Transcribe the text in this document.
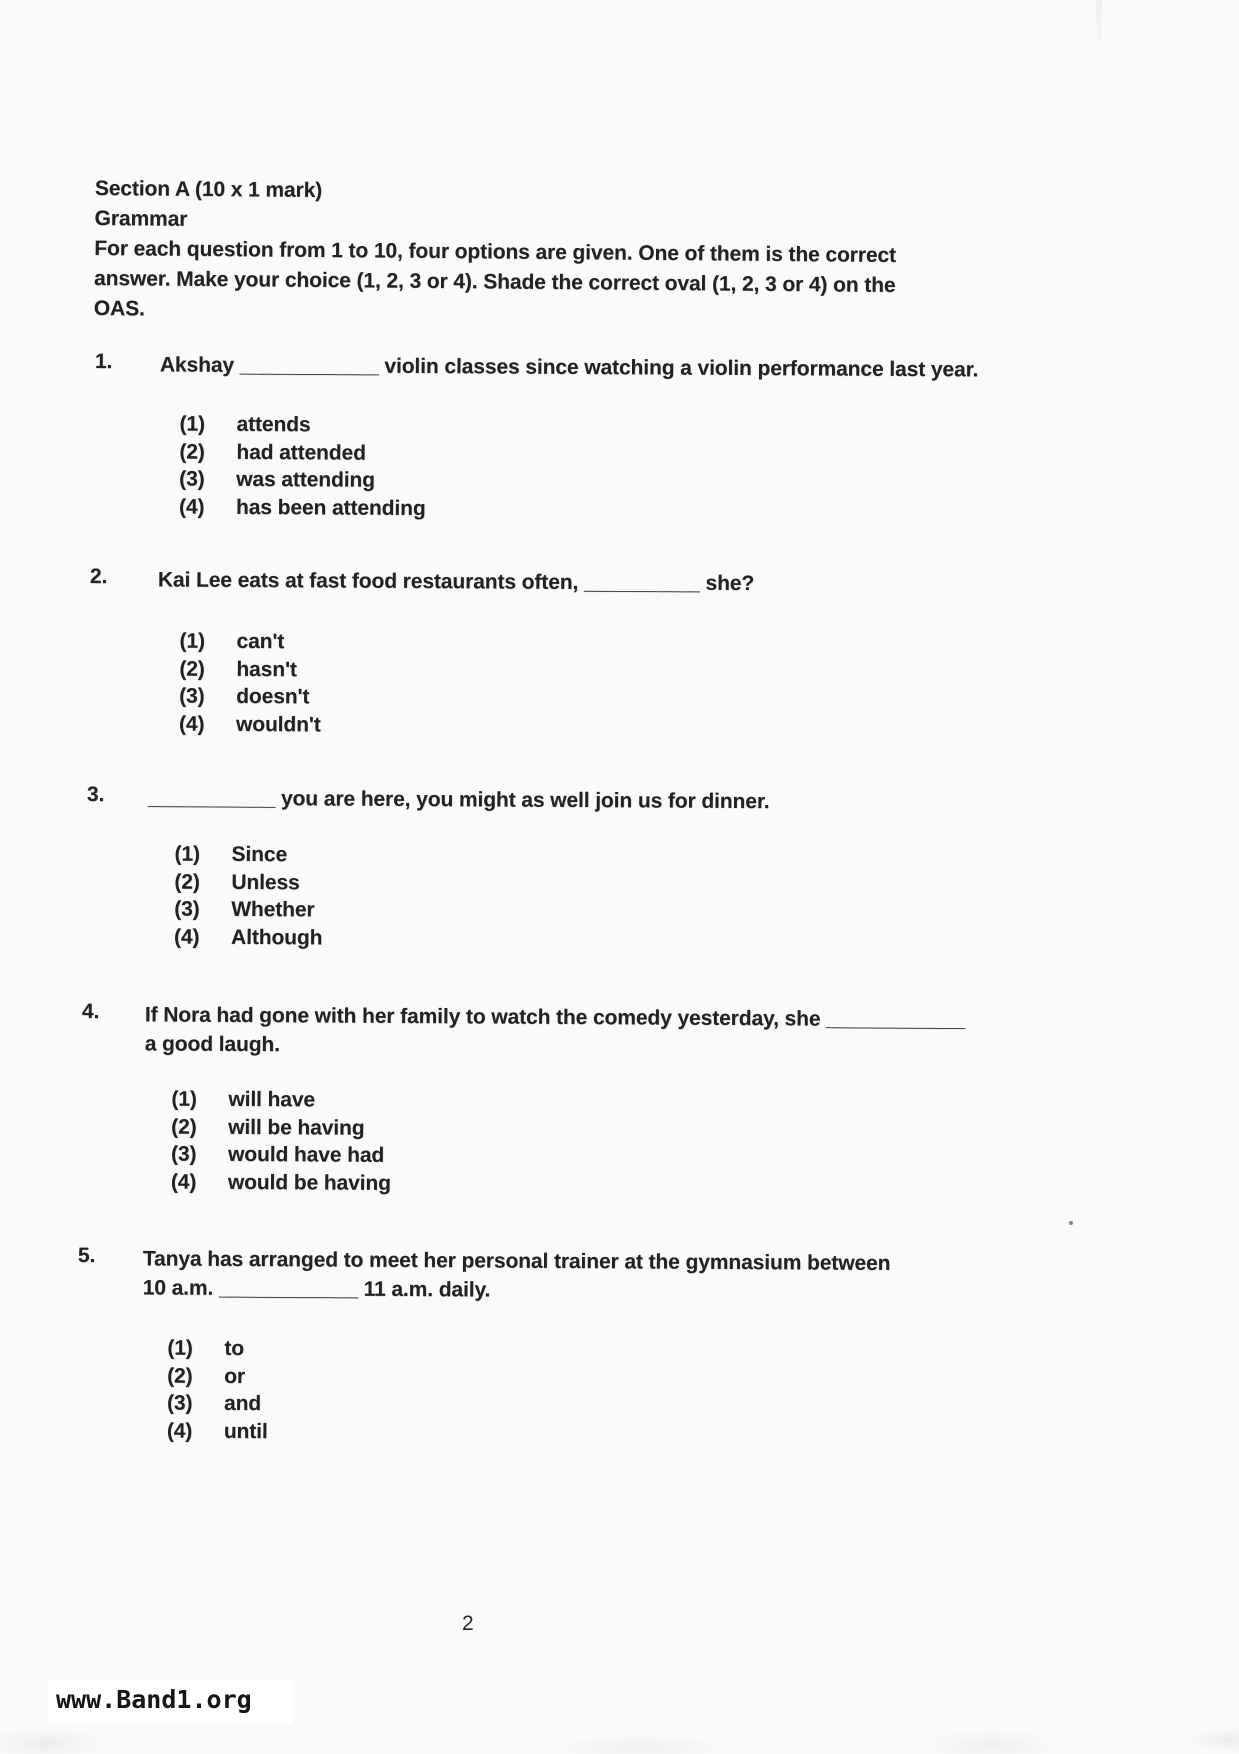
Section A (10 x 1 mark)
Grammar
For each question from 1 to 10, four options are given. One of them is the correct
answer. Make your choice (1, 2, 3 or 4). Shade the correct oval (1, 2, 3 or 4) on the
OAS.
1.	Akshay ____________ violin classes since watching a violin performance last year.
(1)	attends
(2)	had attended
(3)	was attending
(4)	has been attending
2.	Kai Lee eats at fast food restaurants often, __________ she?
(1)	can't
(2)	hasn't
(3)	doesn't
(4)	wouldn't
3.	___________ you are here, you might as well join us for dinner.
(1)	Since
(2)	Unless
(3)	Whether
(4)	Although
4.	If Nora had gone with her family to watch the comedy yesterday, she ____________
a good laugh.
(1)	will have
(2)	will be having
(3)	would have had
(4)	would be having
5.	Tanya has arranged to meet her personal trainer at the gymnasium between
10 a.m. ____________ 11 a.m. daily.
(1)	to
(2)	or
(3)	and
(4)	until
2
www.Band1.org
